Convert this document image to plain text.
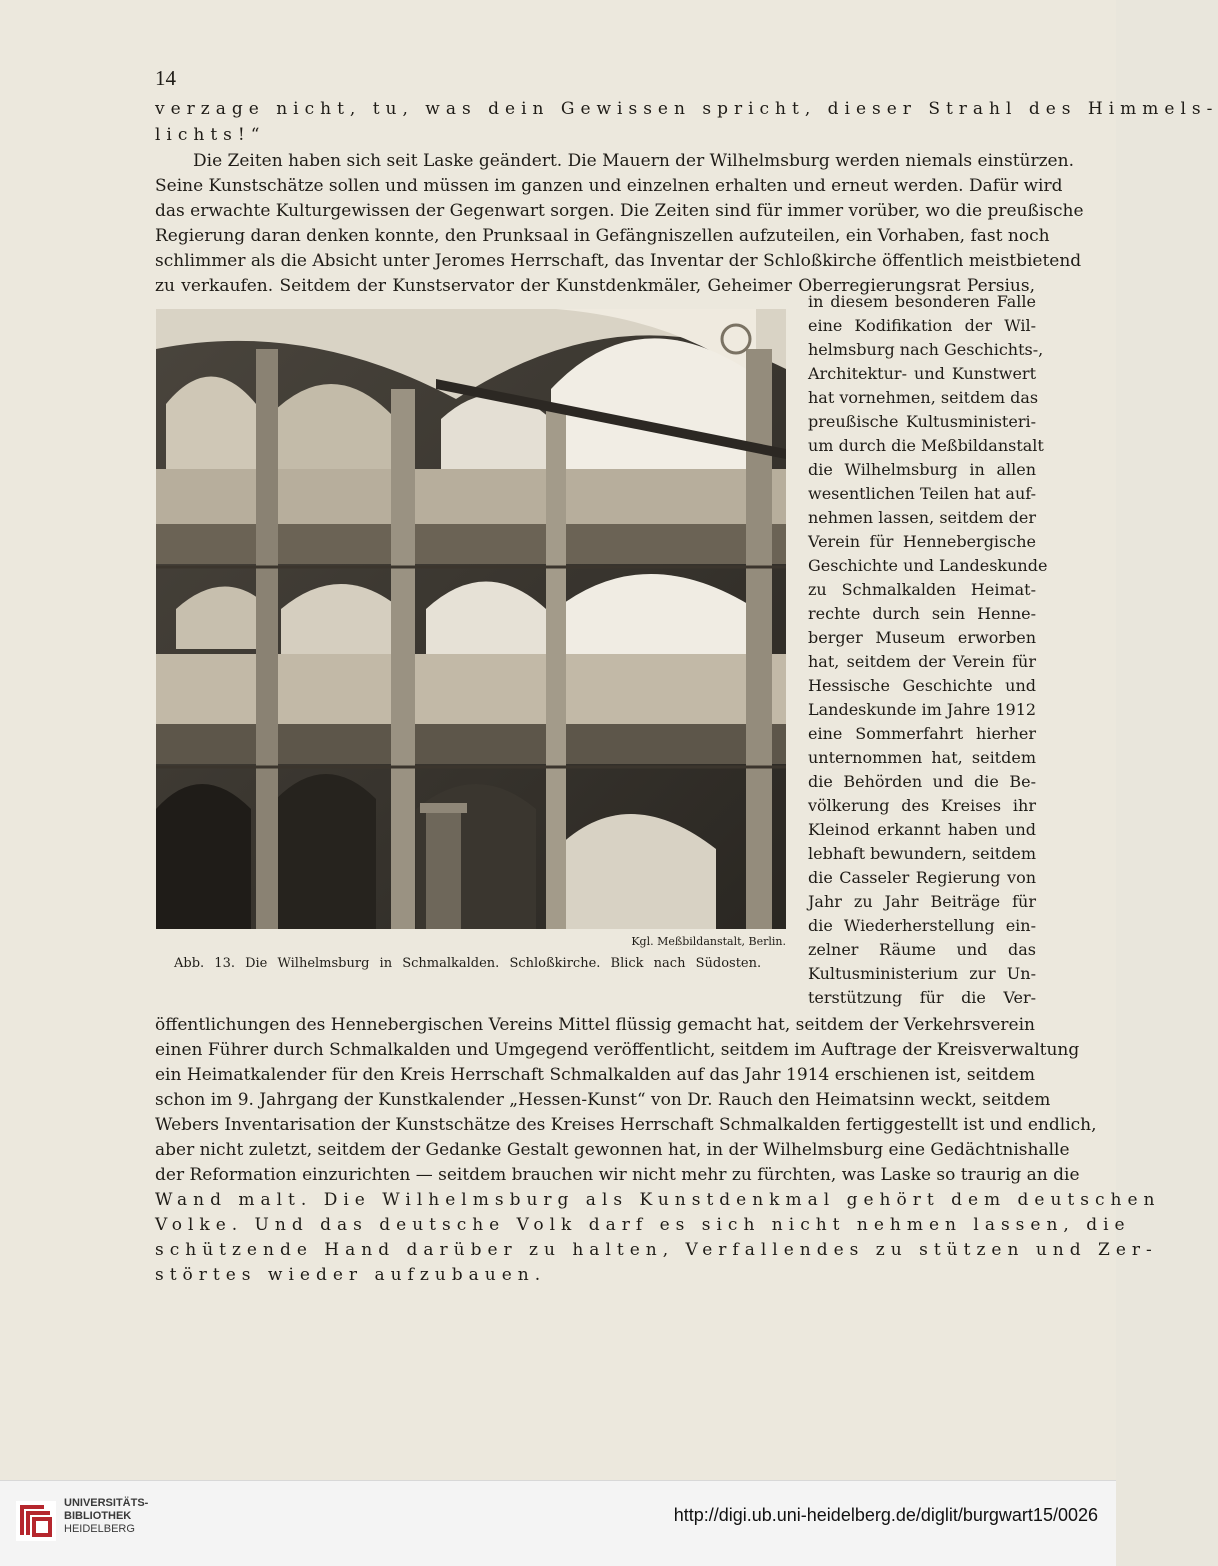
14
verzage nicht, tu, was dein Gewissen spricht, dieser Strahl des Himmels-
lichts!“
Die Zeiten haben sich seit Laske geändert. Die Mauern der Wilhelmsburg werden niemals einstürzen.
Seine Kunstschätze sollen und müssen im ganzen und einzelnen erhalten und erneut werden. Dafür wird
das erwachte Kulturgewissen der Gegenwart sorgen. Die Zeiten sind für immer vorüber, wo die preußische
Regierung daran denken konnte, den Prunksaal in Gefängniszellen aufzuteilen, ein Vorhaben, fast noch
schlimmer als die Absicht unter Jeromes Herrschaft, das Inventar der Schloßkirche öffentlich meistbietend
zu verkaufen. Seitdem der Kunstservator der Kunstdenkmäler, Geheimer Oberregierungsrat Persius,
Kgl. Meßbildanstalt, Berlin.
Abb. 13. Die Wilhelmsburg in Schmalkalden. Schloßkirche. Blick nach Südosten.
in diesem besonderen Falle
eine Kodifikation der Wil-
helmsburg nach Geschichts-,
Architektur- und Kunstwert
hat vornehmen, seitdem das
preußische Kultusministeri-
um durch die Meßbildanstalt
die Wilhelmsburg in allen
wesentlichen Teilen hat auf-
nehmen lassen, seitdem der
Verein für Hennebergische
Geschichte und Landeskunde
zu Schmalkalden Heimat-
rechte durch sein Henne-
berger Museum erworben
hat, seitdem der Verein für
Hessische Geschichte und
Landeskunde im Jahre 1912
eine Sommerfahrt hierher
unternommen hat, seitdem
die Behörden und die Be-
völkerung des Kreises ihr
Kleinod erkannt haben und
lebhaft bewundern, seitdem
die Casseler Regierung von
Jahr zu Jahr Beiträge für
die Wiederherstellung ein-
zelner Räume und das
Kultusministerium zur Un-
terstützung für die Ver-
öffentlichungen des Hennebergischen Vereins Mittel flüssig gemacht hat, seitdem der Verkehrsverein
einen Führer durch Schmalkalden und Umgegend veröffentlicht, seitdem im Auftrage der Kreisverwaltung
ein Heimatkalender für den Kreis Herrschaft Schmalkalden auf das Jahr 1914 erschienen ist, seitdem
schon im 9. Jahrgang der Kunstkalender „Hessen-Kunst“ von Dr. Rauch den Heimatsinn weckt, seitdem
Webers Inventarisation der Kunstschätze des Kreises Herrschaft Schmalkalden fertiggestellt ist und endlich,
aber nicht zuletzt, seitdem der Gedanke Gestalt gewonnen hat, in der Wilhelmsburg eine Gedächtnishalle
der Reformation einzurichten — seitdem brauchen wir nicht mehr zu fürchten, was Laske so traurig an die
Wand malt. Die Wilhelmsburg als Kunstdenkmal gehört dem deutschen
Volke. Und das deutsche Volk darf es sich nicht nehmen lassen, die
schützende Hand darüber zu halten, Verfallendes zu stützen und Zer-
störtes wieder aufzubauen.
UNIVERSITÄTS-
BIBLIOTHEK
HEIDELBERG
http://digi.ub.uni-heidelberg.de/diglit/burgwart15/0026
